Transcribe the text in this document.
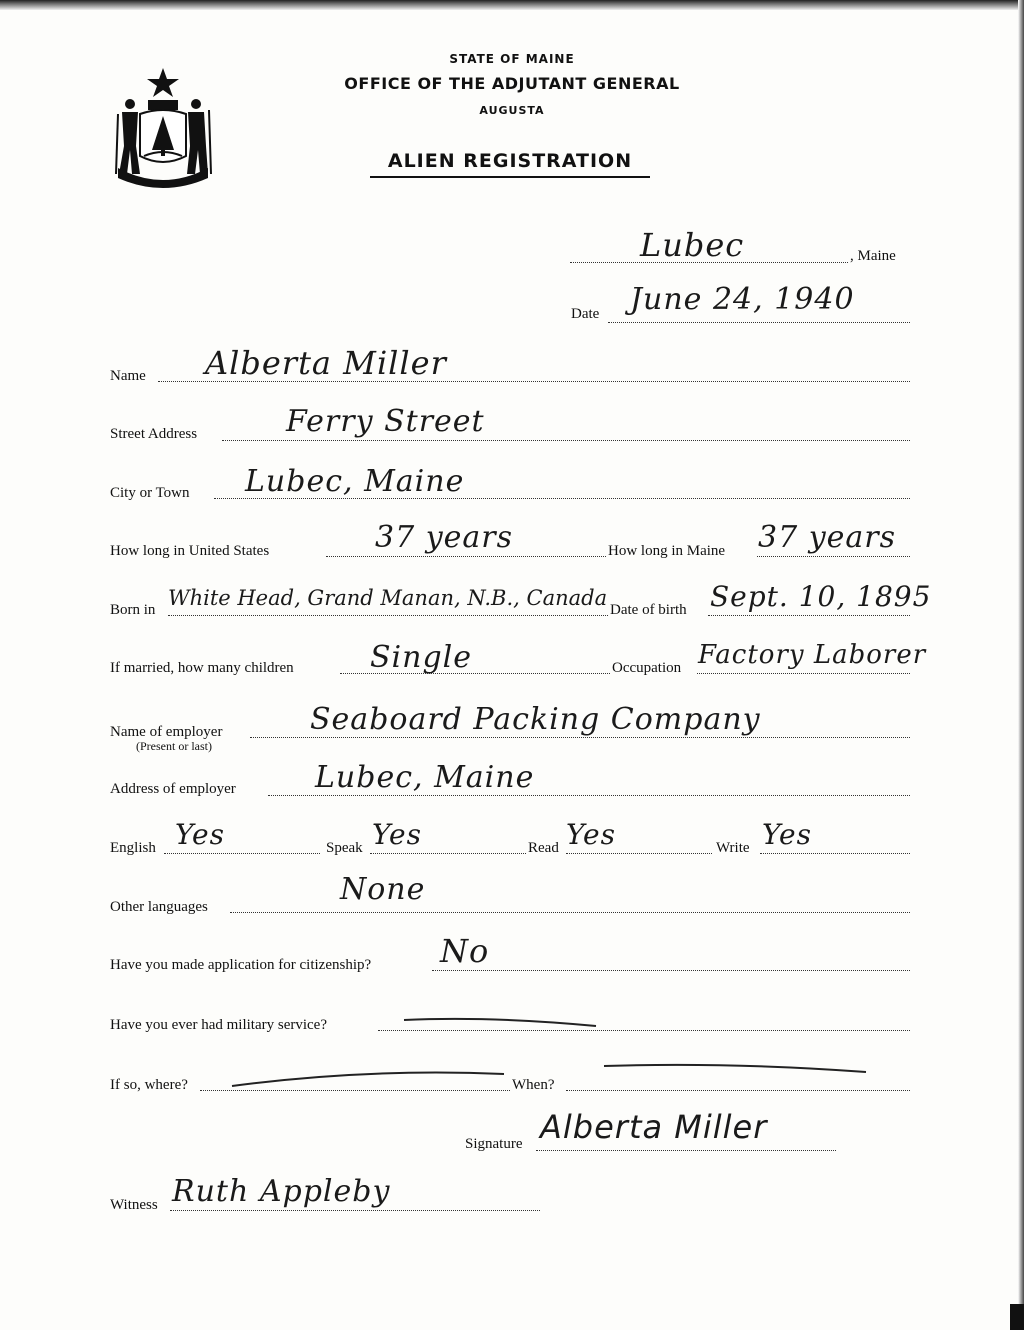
STATE OF MAINE
OFFICE OF THE ADJUTANT GENERAL
AUGUSTA
ALIEN REGISTRATION
Lubec	, Maine
Date June 24, 1940
Name Alberta Miller
Street Address	Ferry Street
City or Town Lubec, Maine
How long in United States	37 years	How long in Maine 37 years
Born in White Head, Grand Manan, N.B., Canada Date of birth Sept. 10, 1895
If married, how many children	Single	Occupation Factory Laborer
Name of employer
(Present or last)
Seaboard Packing Company
Address of employer	Lubec, Maine
English Yes	Speak Yes	Read Yes	Write Yes
Other languages	None
Have you made application for citizenship? No
Have you ever had military service?
If so, where?	When?
Signature Alberta Miller
Witness Ruth Appleby
